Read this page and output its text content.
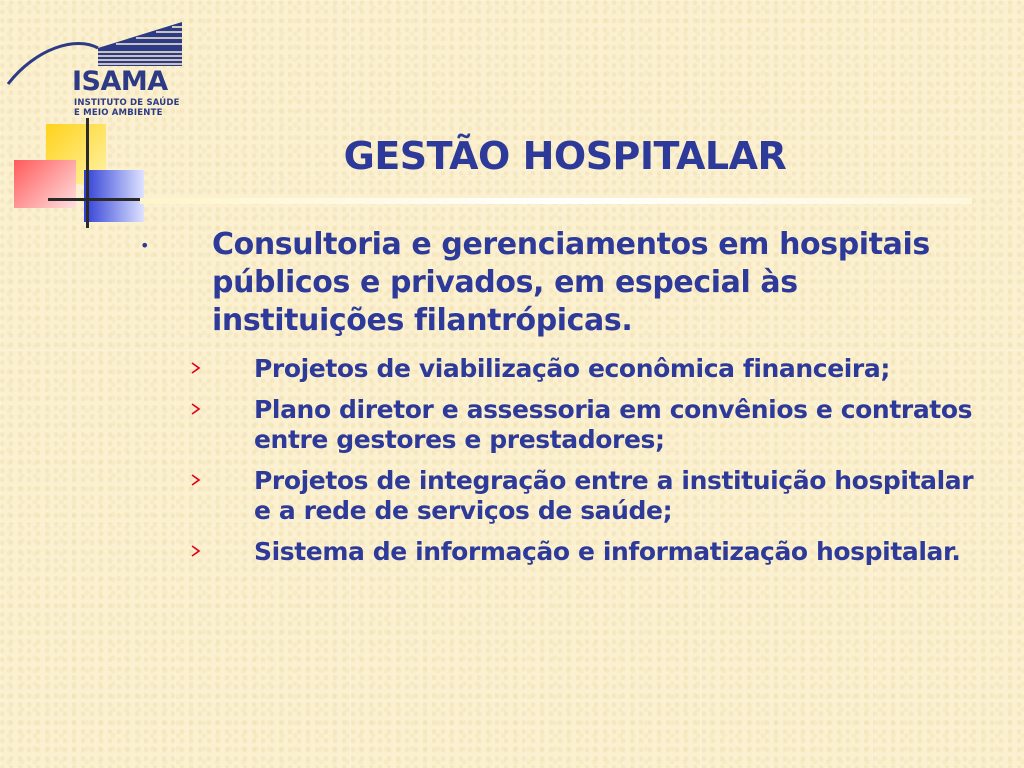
ISAMA
INSTITUTO DE SAÚDE
E MEIO AMBIENTE
GESTÃO HOSPITALAR
• Consultoria e gerenciamentos em hospitais públicos e privados, em especial às instituições filantrópicas.
Projetos de viabilização econômica financeira;
Plano diretor e assessoria em convênios e contratos entre gestores e prestadores;
Projetos de integração entre a instituição hospitalar e a rede de serviços de saúde;
Sistema de informação e informatização hospitalar.
